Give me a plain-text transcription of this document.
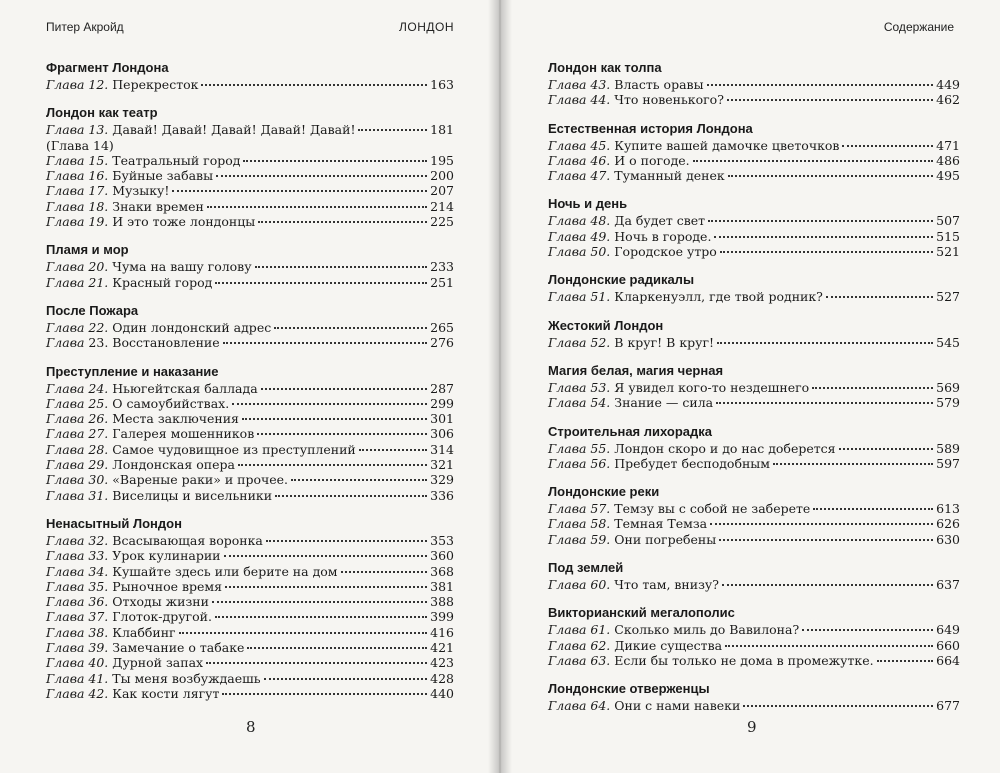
Питер Акройд	ЛОНДОН
Фрагмент Лондона
Глава 12. Перекресток	163
Лондон как театр
Глава 13. Давай! Давай! Давай! Давай! Давай!	181
(Глава 14)
Глава 15. Театральный город	195
Глава 16. Буйные забавы	200
Глава 17. Музыку!	207
Глава 18. Знаки времен	214
Глава 19. И это тоже лондонцы	225
Пламя и мор
Глава 20. Чума на вашу голову	233
Глава 21. Красный город	251
После Пожара
Глава 22. Один лондонский адрес	265
Глава 23. Восстановление	276
Преступление и наказание
Глава 24. Ньюгейтская баллада	287
Глава 25. О самоубийствах.	299
Глава 26. Места заключения	301
Глава 27. Галерея мошенников	306
Глава 28. Самое чудовищное из преступлений	314
Глава 29. Лондонская опера	321
Глава 30. «Вареные раки» и прочее.	329
Глава 31. Виселицы и висельники	336
Ненасытный Лондон
Глава 32. Всасывающая воронка	353
Глава 33. Урок кулинарии	360
Глава 34. Кушайте здесь или берите на дом	368
Глава 35. Рыночное время	381
Глава 36. Отходы жизни	388
Глава 37. Глоток-другой.	399
Глава 38. Клаббинг	416
Глава 39. Замечание о табаке	421
Глава 40. Дурной запах	423
Глава 41. Ты меня возбуждаешь	428
Глава 42. Как кости лягут	440
8
Содержание
Лондон как толпа
Глава 43. Власть оравы	449
Глава 44. Что новенького?	462
Естественная история Лондона
Глава 45. Купите вашей дамочке цветочков	471
Глава 46. И о погоде.	486
Глава 47. Туманный денек	495
Ночь и день
Глава 48. Да будет свет	507
Глава 49. Ночь в городе.	515
Глава 50. Городское утро	521
Лондонские радикалы
Глава 51. Кларкенуэлл, где твой родник?	527
Жестокий Лондон
Глава 52. В круг! В круг!	545
Магия белая, магия черная
Глава 53. Я увидел кого-то нездешнего	569
Глава 54. Знание — сила	579
Строительная лихорадка
Глава 55. Лондон скоро и до нас доберется	589
Глава 56. Пребудет бесподобным	597
Лондонские реки
Глава 57. Темзу вы с собой не заберете	613
Глава 58. Темная Темза	626
Глава 59. Они погребены	630
Под землей
Глава 60. Что там, внизу?	637
Викторианский мегалополис
Глава 61. Сколько миль до Вавилона?	649
Глава 62. Дикие существа	660
Глава 63. Если бы только не дома в промежутке.	664
Лондонские отверженцы
Глава 64. Они с нами навеки	677
9
